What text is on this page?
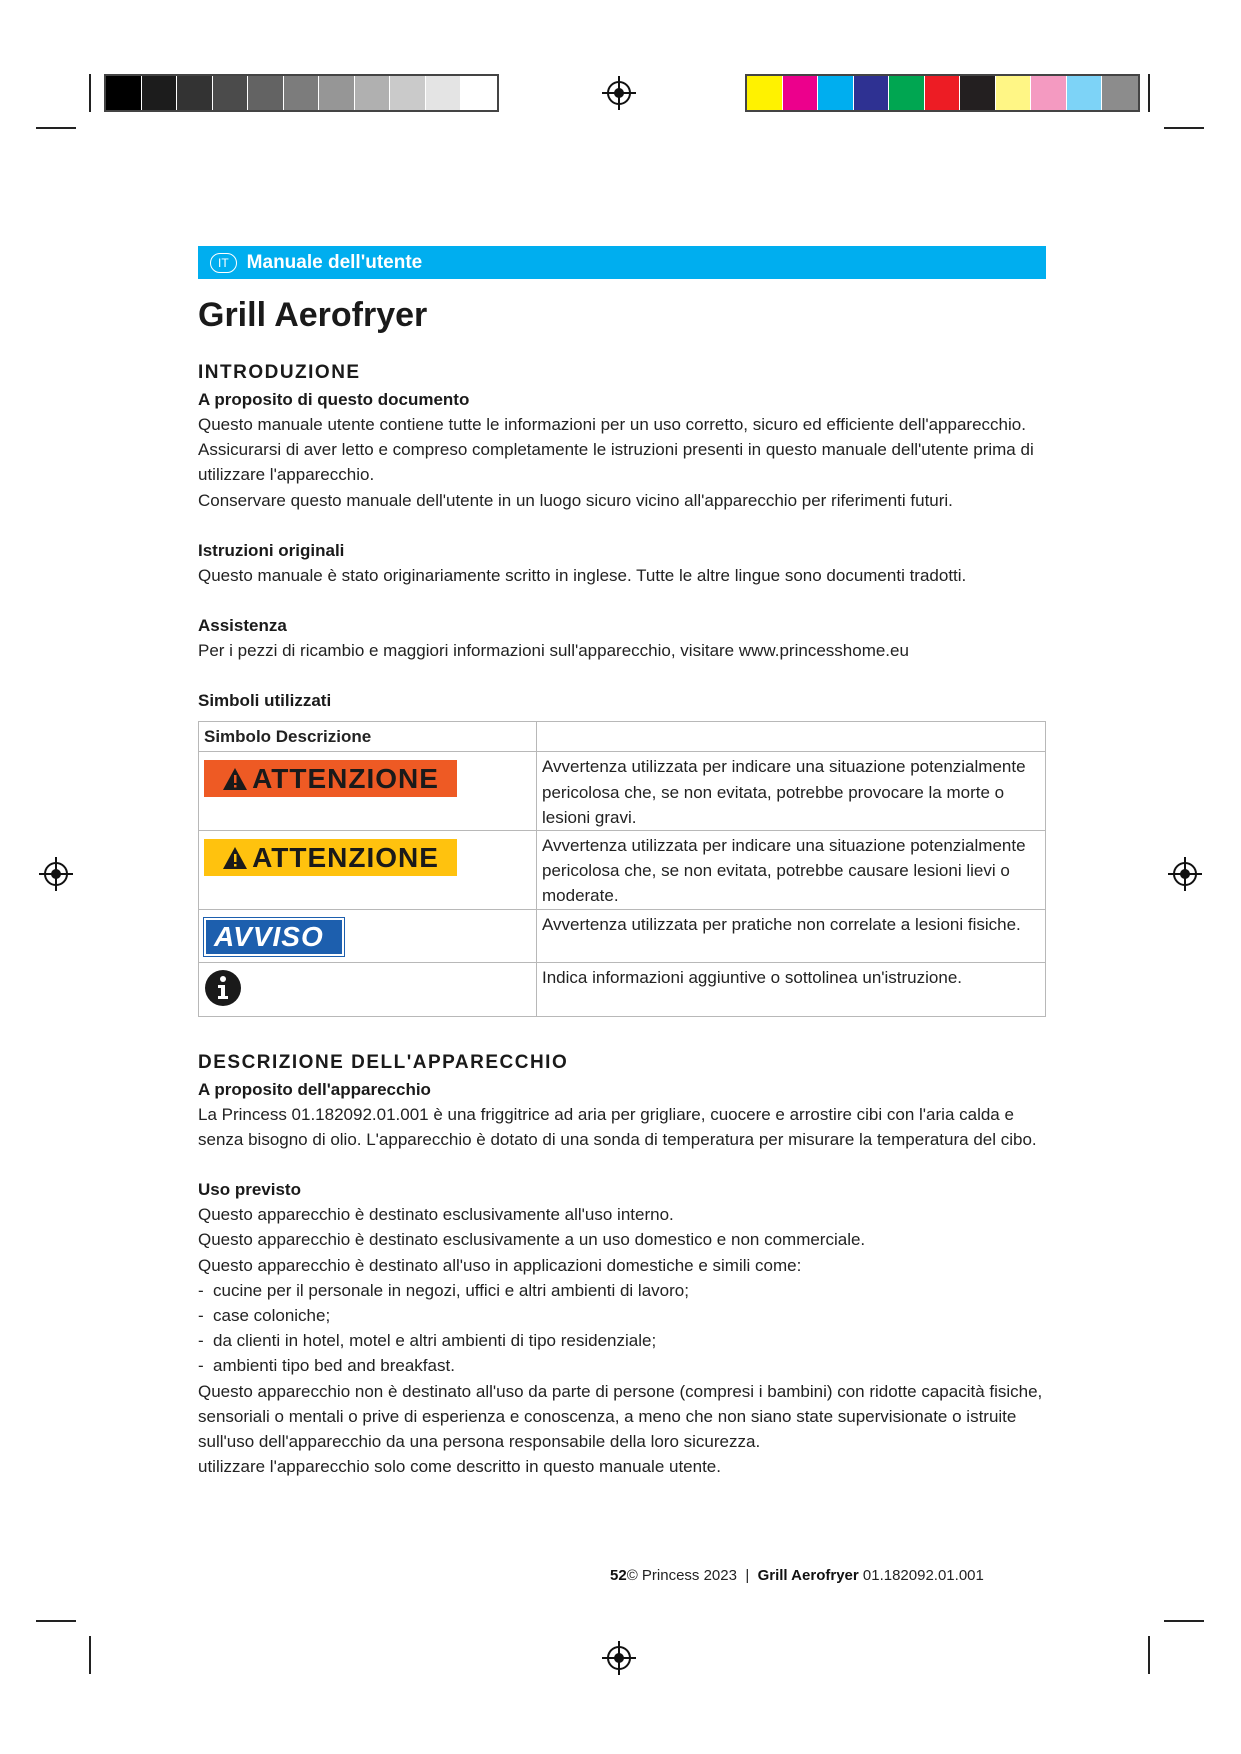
IT Manuale dell'utente
Grill Aerofryer
INTRODUZIONE
A proposito di questo documento

Questo manuale utente contiene tutte le informazioni per un uso corretto, sicuro ed efficiente dell'apparecchio.

Assicurarsi di aver letto e compreso completamente le istruzioni presenti in questo manuale dell'utente prima di utilizzare l'apparecchio.

Conservare questo manuale dell'utente in un luogo sicuro vicino all'apparecchio per riferimenti futuri.

Istruzioni originali

Questo manuale è stato originariamente scritto in inglese. Tutte le altre lingue sono documenti tradotti.

Assistenza

Per i pezzi di ricambio e maggiori informazioni sull'apparecchio, visitare www.princesshome.eu

Simboli utilizzati
Simbolo Descrizione	

ATTENZIONE	Avvertenza utilizzata per indicare una situazione potenzialmente pericolosa che, se non evitata, potrebbe provocare la morte o lesioni gravi.

ATTENZIONE	Avvertenza utilizzata per indicare una situazione potenzialmente pericolosa che, se non evitata, potrebbe causare lesioni lievi o moderate.

AVVISO	Avvertenza utilizzata per pratiche non correlate a lesioni fisiche.
	Indica informazioni aggiuntive o sottolinea un'istruzione.
DESCRIZIONE DELL'APPARECCHIO
A proposito dell'apparecchio

La Princess 01.182092.01.001 è una friggitrice ad aria per grigliare, cuocere e arrostire cibi con l'aria calda e senza bisogno di olio. L'apparecchio è dotato di una sonda di temperatura per misurare la temperatura del cibo.

Uso previsto

Questo apparecchio è destinato esclusivamente all'uso interno.

Questo apparecchio è destinato esclusivamente a un uso domestico e non commerciale.

Questo apparecchio è destinato all'uso in applicazioni domestiche e simili come:

- cucine per il personale in negozi, uffici e altri ambienti di lavoro;
- case coloniche;
- da clienti in hotel, motel e altri ambienti di tipo residenziale;
- ambienti tipo bed and breakfast.

Questo apparecchio non è destinato all'uso da parte di persone (compresi i bambini) con ridotte capacità fisiche, sensoriali o mentali o prive di esperienza e conoscenza, a meno che non siano state supervisionate o istruite sull'uso dell'apparecchio da una persona responsabile della loro sicurezza.

utilizzare l'apparecchio solo come descritto in questo manuale utente.

52© Princess 2023 | Grill Aerofryer 01.182092.01.001
